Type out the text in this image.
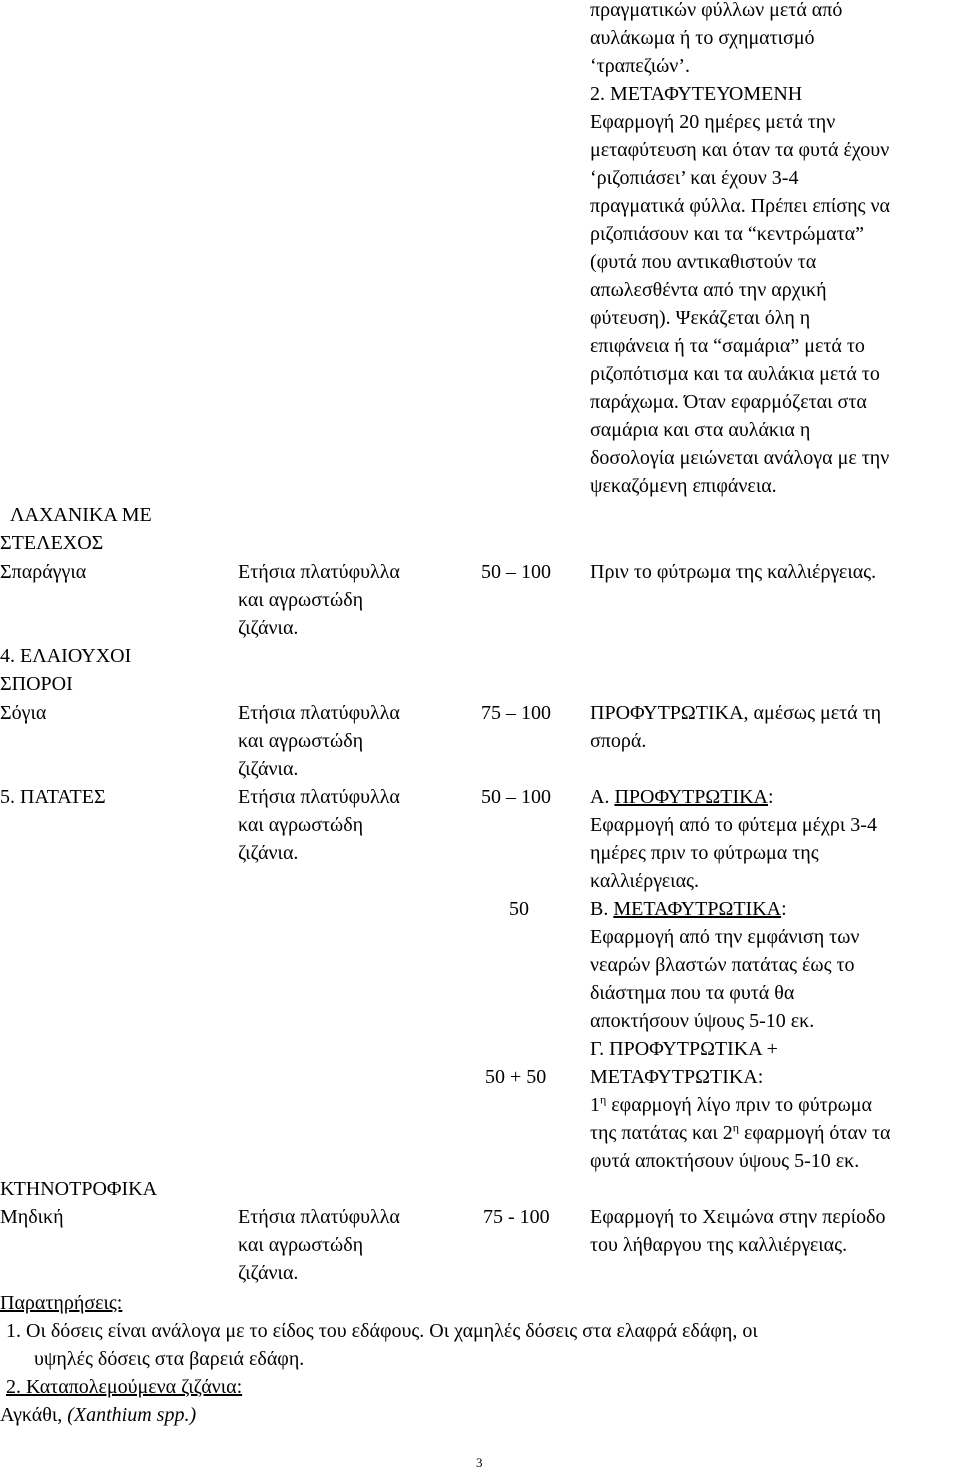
πραγματικών φύλλων μετά από
αυλάκωμα ή το σχηματισμό
‘τραπεζιών’.
2. ΜΕΤΑΦΥΤΕΥΟΜΕΝΗ
Εφαρμογή 20 ημέρες μετά την
μεταφύτευση και όταν τα φυτά έχουν
‘ριζοπιάσει’ και έχουν 3-4
πραγματικά φύλλα. Πρέπει επίσης να
ριζοπιάσουν και τα “κεντρώματα”
(φυτά που αντικαθιστούν τα
απωλεσθέντα από την αρχική
φύτευση). Ψεκάζεται όλη η
επιφάνεια ή τα “σαμάρια” μετά το
ριζοπότισμα και τα αυλάκια μετά το
παράχωμα. Όταν εφαρμόζεται στα
σαμάρια και στα αυλάκια η
δοσολογία μειώνεται ανάλογα με την
ψεκαζόμενη επιφάνεια.
ΛΑΧΑΝΙΚΑ ΜΕ
ΣΤΕΛΕΧΟΣ
Σπαράγγια	Ετήσια πλατύφυλλα
και αγρωστώδη
ζιζάνια.
50 – 100 Πριν το φύτρωμα της καλλιέργειας.
4. ΕΛΑΙΟΥΧΟΙ
ΣΠΟΡΟΙ
Σόγια	Ετήσια πλατύφυλλα
και αγρωστώδη
ζιζάνια.
75 – 100 ΠΡΟΦΥΤΡΩΤΙΚΑ, αμέσως μετά τη
σπορά.
5. ΠΑΤΑΤΕΣ	Ετήσια πλατύφυλλα
και αγρωστώδη
ζιζάνια.
50 – 100 Α. ΠΡΟΦΥΤΡΩΤΙΚΑ:
Εφαρμογή από το φύτεμα μέχρι 3-4
ημέρες πριν το φύτρωμα της
καλλιέργειας.
50	Β. ΜΕΤΑΦΥΤΡΩΤΙΚΑ:
Εφαρμογή από την εμφάνιση των
νεαρών βλαστών πατάτας έως το
διάστημα που τα φυτά θα
αποκτήσουν ύψους 5-10 εκ.
Γ. ΠΡΟΦΥΤΡΩΤΙΚΑ +
50 + 50 ΜΕΤΑΦΥΤΡΩΤΙΚΑ:
$1^\eta$ εφαρμογή λίγο πριν το φύτρωμα
της πατάτας και $2^\eta$ εφαρμογή όταν τα
φυτά αποκτήσουν ύψους 5-10 εκ.
ΚΤΗΝΟΤΡΟΦΙΚΑ
Μηδική	Ετήσια πλατύφυλλα
και αγρωστώδη
ζιζάνια.
75 - 100 Εφαρμογή το Χειμώνα στην περίοδο
του λήθαργου της καλλιέργειας.
Παρατηρήσεις:
1. Οι δόσεις είναι ανάλογα με το είδος του εδάφους. Οι χαμηλές δόσεις στα ελαφρά εδάφη, οι
υψηλές δόσεις στα βαρειά εδάφη.
2. Καταπολεμούμενα ζιζάνια:
Αγκάθι, (Xanthium spp.)
3
